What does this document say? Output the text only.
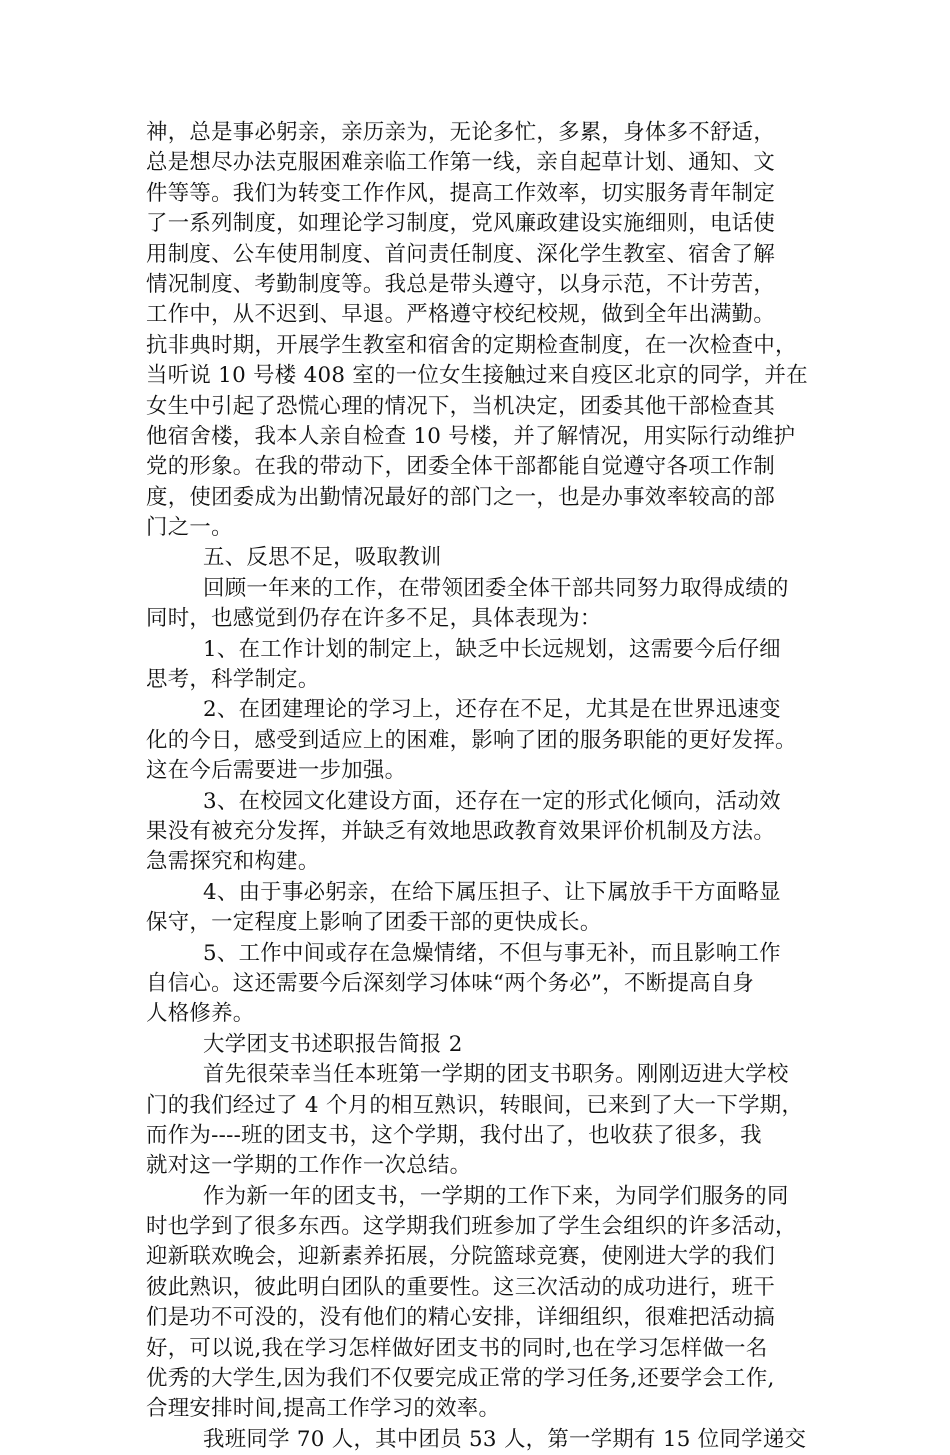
神，总是事必躬亲，亲历亲为，无论多忙，多累，身体多不舒适，
总是想尽办法克服困难亲临工作第一线，亲自起草计划、通知、文
件等等。我们为转变工作作风，提高工作效率，切实服务青年制定
了一系列制度，如理论学习制度，党风廉政建设实施细则，电话使
用制度、公车使用制度、首问责任制度、深化学生教室、宿舍了解
情况制度、考勤制度等。我总是带头遵守，以身示范，不计劳苦，
工作中，从不迟到、早退。严格遵守校纪校规，做到全年出满勤。
抗非典时期，开展学生教室和宿舍的定期检查制度，在一次检查中，
当听说 10 号楼 408 室的一位女生接触过来自疫区北京的同学，并在
女生中引起了恐慌心理的情况下，当机决定，团委其他干部检查其
他宿舍楼，我本人亲自检查 10 号楼，并了解情况，用实际行动维护
党的形象。在我的带动下，团委全体干部都能自觉遵守各项工作制
度，使团委成为出勤情况最好的部门之一，也是办事效率较高的部
门之一。
五、反思不足，吸取教训
回顾一年来的工作，在带领团委全体干部共同努力取得成绩的
同时，也感觉到仍存在许多不足，具体表现为：
1、在工作计划的制定上，缺乏中长远规划，这需要今后仔细
思考，科学制定。
2、在团建理论的学习上，还存在不足，尤其是在世界迅速变
化的今日，感受到适应上的困难，影响了团的服务职能的更好发挥。
这在今后需要进一步加强。
3、在校园文化建设方面，还存在一定的形式化倾向，活动效
果没有被充分发挥，并缺乏有效地思政教育效果评价机制及方法。
急需探究和构建。
4、由于事必躬亲，在给下属压担子、让下属放手干方面略显
保守，一定程度上影响了团委干部的更快成长。
5、工作中间或存在急燥情绪，不但与事无补，而且影响工作
自信心。这还需要今后深刻学习体味“两个务必”，不断提高自身
人格修养。
大学团支书述职报告简报 2
首先很荣幸当任本班第一学期的团支书职务。刚刚迈进大学校
门的我们经过了 4 个月的相互熟识，转眼间，已来到了大一下学期，
而作为----班的团支书，这个学期，我付出了，也收获了很多，我
就对这一学期的工作作一次总结。
作为新一年的团支书，一学期的工作下来，为同学们服务的同
时也学到了很多东西。这学期我们班参加了学生会组织的许多活动，
迎新联欢晚会，迎新素养拓展，分院篮球竞赛，使刚进大学的我们
彼此熟识，彼此明白团队的重要性。这三次活动的成功进行，班干
们是功不可没的，没有他们的精心安排，详细组织，很难把活动搞
好，可以说,我在学习怎样做好团支书的同时,也在学习怎样做一名
优秀的大学生,因为我们不仅要完成正常的学习任务,还要学会工作,
合理安排时间,提高工作学习的效率。
我班同学 70 人，其中团员 53 人，第一学期有 15 位同学递交
